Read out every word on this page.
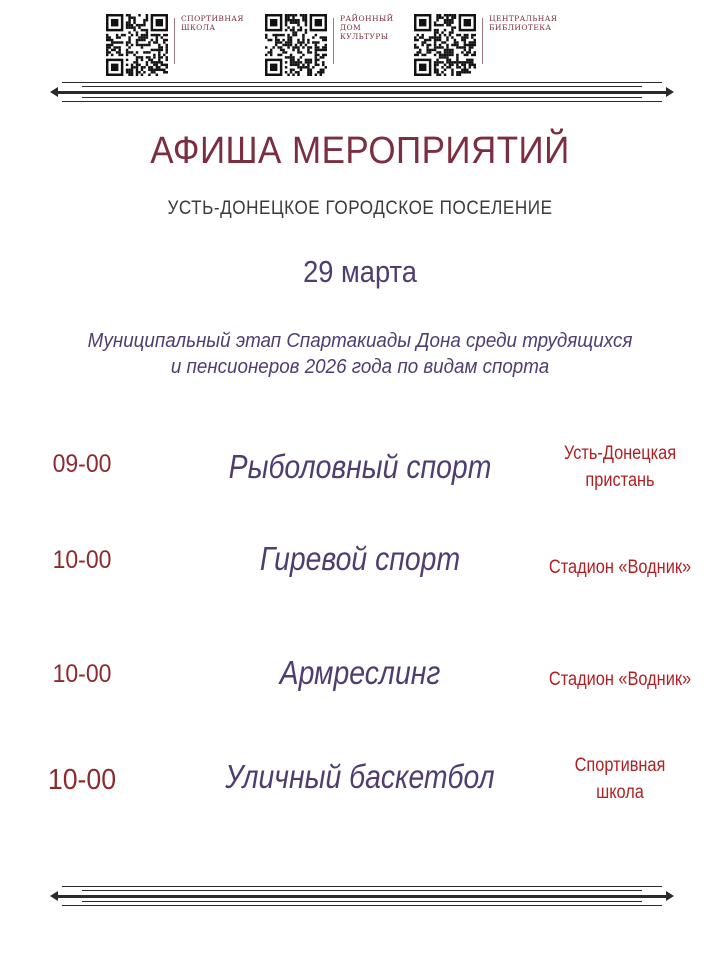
СПОРТИВНАЯ
ШКОЛА
РАЙОННЫЙ
ДОМ
КУЛЬТУРЫ
ЦЕНТРАЛЬНАЯ
БИБЛИОТЕКА
АФИША МЕРОПРИЯТИЙ
УСТЬ-ДОНЕЦКОЕ ГОРОДСКОЕ ПОСЕЛЕНИЕ
29 марта
Муниципальный этап Спартакиады Дона среди трудящихся
и пенсионеров 2026 года по видам спорта
09-00	Рыболовный спорт	Усть-Донецкая
пристань
10-00	Гиревой спорт	Стадион «Водник»
10-00	Армреслинг	Стадион «Водник»
10-00	Уличный баскетбол	Спортивная
школа
